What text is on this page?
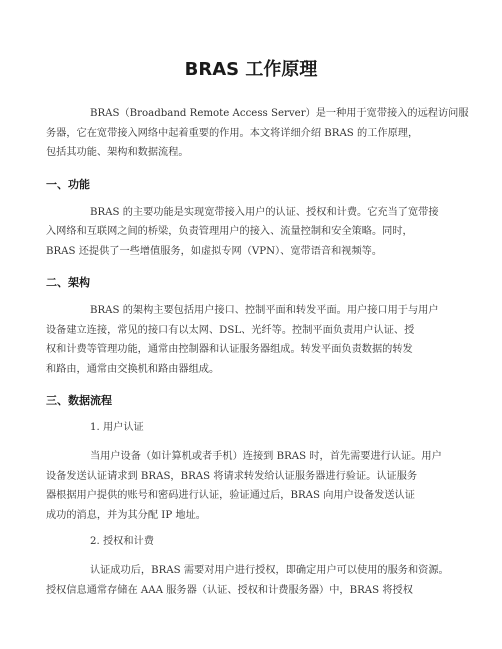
BRAS 工作原理

BRAS（Broadband Remote Access Server）是一种用于宽带接入的远程访问服
务器，它在宽带接入网络中起着重要的作用。本文将详细介绍 BRAS 的工作原理，
包括其功能、架构和数据流程。

一、功能

BRAS 的主要功能是实现宽带接入用户的认证、授权和计费。它充当了宽带接
入网络和互联网之间的桥梁，负责管理用户的接入、流量控制和安全策略。同时，
BRAS 还提供了一些增值服务，如虚拟专网（VPN）、宽带语音和视频等。

二、架构

BRAS 的架构主要包括用户接口、控制平面和转发平面。用户接口用于与用户
设备建立连接，常见的接口有以太网、DSL、光纤等。控制平面负责用户认证、授
权和计费等管理功能，通常由控制器和认证服务器组成。转发平面负责数据的转发
和路由，通常由交换机和路由器组成。

三、数据流程
1. 用户认证

当用户设备（如计算机或者手机）连接到 BRAS 时，首先需要进行认证。用户
设备发送认证请求到 BRAS，BRAS 将请求转发给认证服务器进行验证。认证服务
器根据用户提供的账号和密码进行认证，验证通过后，BRAS 向用户设备发送认证
成功的消息，并为其分配 IP 地址。

2. 授权和计费

认证成功后，BRAS 需要对用户进行授权，即确定用户可以使用的服务和资源。
授权信息通常存储在 AAA 服务器（认证、授权和计费服务器）中，BRAS 将授权
